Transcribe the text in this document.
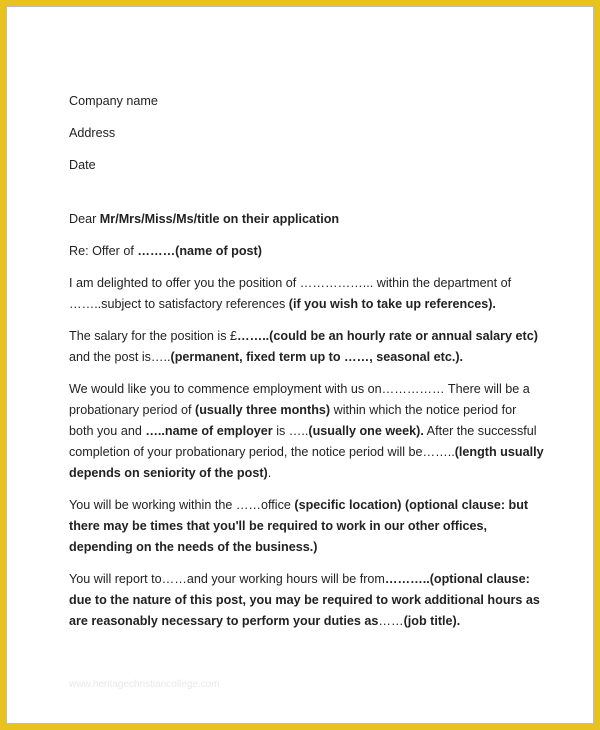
Company name

Address

Date

Dear Mr/Mrs/Miss/Ms/title on their application

Re: Offer of ………(name of post)

I am delighted to offer you the position of ……………... within the department of
……..subject to satisfactory references (if you wish to take up references).
The salary for the position is £……..(could be an hourly rate or annual salary etc)
and the post is…..(permanent, fixed term up to ……, seasonal etc.).
We would like you to commence employment with us on…………… There will be a
probationary period of (usually three months) within which the notice period for
both you and …..name of employer is …..(usually one week). After the successful
completion of your probationary period, the notice period will be……..(length usually
depends on seniority of the post).
You will be working within the ……office (specific location) (optional clause: but
there may be times that you'll be required to work in our other offices,
depending on the needs of the business.)
You will report to……and your working hours will be from………..(optional clause:
due to the nature of this post, you may be required to work additional hours as
are reasonably necessary to perform your duties as……(job title).
www.heritagechristiancollege.com
